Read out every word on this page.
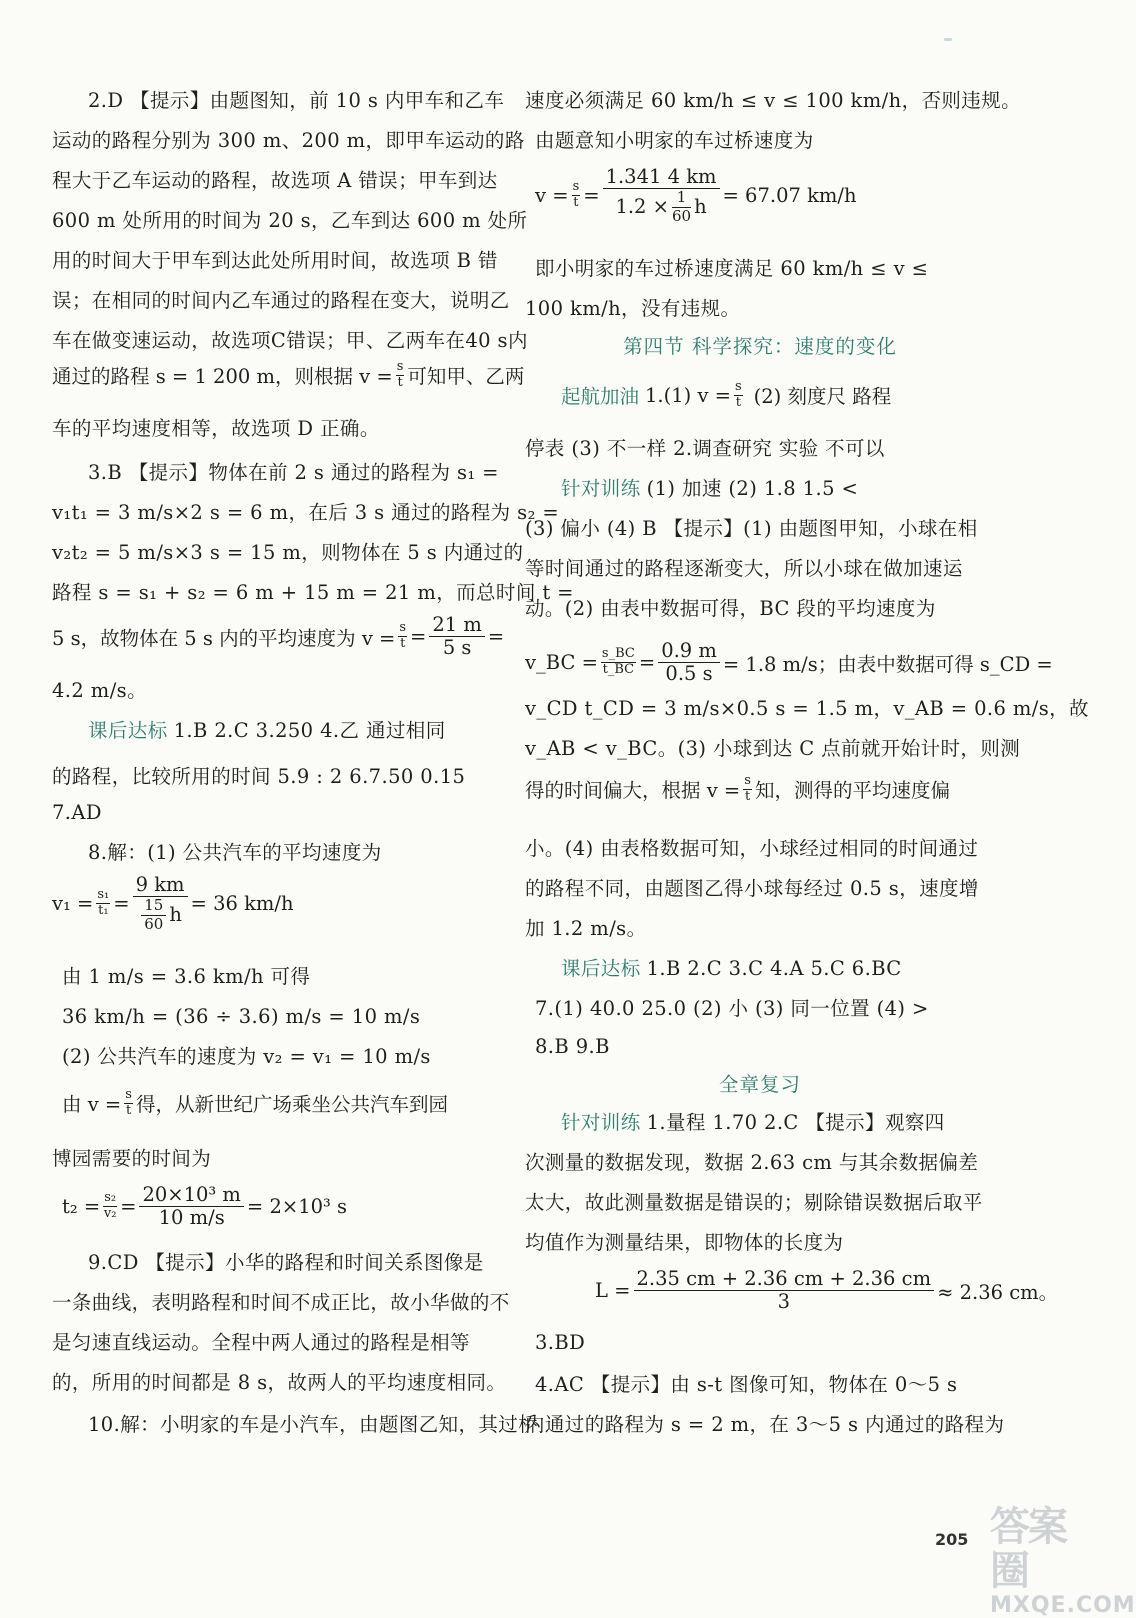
通过的路程 s = 1 200 m，则根据 $v = \frac{s}{t}$ 可知甲、乙两
5 s，故物体在 5 s 内的平均速度为 $v = \frac{s}{t} = \frac{21 m}{5 s}$ =
课后达标 1.B 2.C 3.250 4.乙 通过相同
$v_1 = \frac{\text{s₁}}{\text{t₁}} = \frac{9 km}{\frac{15}{60} h} = 36$ km/h
由 $v = \frac{s}{t}$ 得，从新世纪广场乘坐公共汽车到园
$t_2 = \frac{\text{s₂}}{\text{v₂}} = \frac{\text{20×10³ m}}{10 m/s} = 2\times 10^3$ s
2.D 【提示】由题图知，前 10 s 内甲车和乙车
运动的路程分别为 300 m、200 m，即甲车运动的路
程大于乙车运动的路程，故选项 A 错误；甲车到达
600 m 处所用的时间为 20 s，乙车到达 600 m 处所
用的时间大于甲车到达此处所用时间，故选项 B 错
误；在相同的时间内乙车通过的路程在变大，说明乙
车在做变速运动，故选项C错误；甲、乙两车在40 s内
车的平均速度相等，故选项 D 正确。
3.B 【提示】物体在前 2 s 通过的路程为 s₁ =
v₁t₁ = 3 m/s×2 s = 6 m，在后 3 s 通过的路程为 s₂ =
v₂t₂ = 5 m/s×3 s = 15 m，则物体在 5 s 内通过的
路程 s = s₁ + s₂ = 6 m + 15 m = 21 m，而总时间 t =
4.2 m/s。
的路程，比较所用的时间 5.9 : 2 6.7.50 0.15
7.AD
8.解：(1) 公共汽车的平均速度为
由 1 m/s = 3.6 km/h 可得
36 km/h = (36 ÷ 3.6) m/s = 10 m/s
(2) 公共汽车的速度为 v₂ = v₁ = 10 m/s
博园需要的时间为
9.CD 【提示】小华的路程和时间关系图像是
一条曲线，表明路程和时间不成正比，故小华做的不
是匀速直线运动。全程中两人通过的路程是相等
的，所用的时间都是 8 s，故两人的平均速度相同。
10.解：小明家的车是小汽车，由题图乙知，其过桥
$v = \frac{s}{t} = \frac{1.341 4 km}{1.2 \times \frac{1}{60} h} = 67.07$ km/h
第四节 科学探究：速度的变化
起航加油 1.(1) $v = \frac{s}{t} (2)$ 刻度尺 路程
针对训练 (1) 加速 (2) 1.8 1.5 <
v_BC = $\frac{s\_BC}{t\_BC} = \frac{0.9 m}{0.5 s} = 1.8$ m/s；由表中数据可得 s_CD =
得的时间偏大，根据 $v = \frac{s}{t}$ 知，测得的平均速度偏
课后达标 1.B 2.C 3.C 4.A 5.C 6.BC
全章复习
针对训练 1.量程 1.70 2.C 【提示】观察四
$L = \frac{2.35 cm + 2.36 cm + 2.36 cm}{3} \approx 2.36$ cm。
速度必须满足 60 km/h ≤ v ≤ 100 km/h，否则违规。
由题意知小明家的车过桥速度为
即小明家的车过桥速度满足 60 km/h ≤ v ≤
100 km/h，没有违规。
停表 (3) 不一样 2.调查研究 实验 不可以
(3) 偏小 (4) B 【提示】(1) 由题图甲知，小球在相
等时间通过的路程逐渐变大，所以小球在做加速运
动。(2) 由表中数据可得，BC 段的平均速度为
v_CD t_CD = 3 m/s×0.5 s = 1.5 m，v_AB = 0.6 m/s，故
v_AB < v_BC。(3) 小球到达 C 点前就开始计时，则测
小。(4) 由表格数据可知，小球经过相同的时间通过
的路程不同，由题图乙得小球每经过 0.5 s，速度增
加 1.2 m/s。
7.(1) 40.0 25.0 (2) 小 (3) 同一位置 (4) >
8.B 9.B
次测量的数据发现，数据 2.63 cm 与其余数据偏差
太大，故此测量数据是错误的；剔除错误数据后取平
均值作为测量结果，即物体的长度为
3.BD
4.AC 【提示】由 s-t 图像可知，物体在 0～5 s
内通过的路程为 s = 2 m，在 3～5 s 内通过的路程为
205 答案圈
MXQE.COM
